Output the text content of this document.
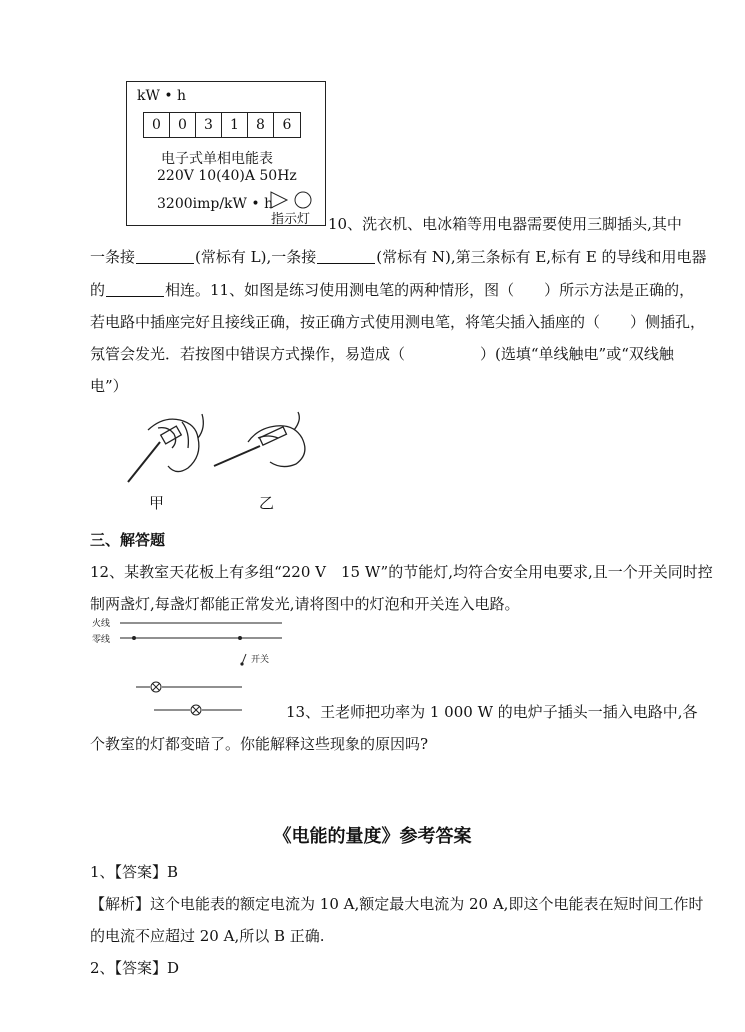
kW • h
0	0	3	1	8	6
电子式单相电能表
220V 10(40)A 50Hz
3200imp/kW • h
指示灯 10、洗衣机、电冰箱等用电器需要使用三脚插头,其中
一条接	(常标有 L),一条接	(常标有 N),第三条标有 E,标有 E 的导线和用电器
的	相连。11、如图是练习使用测电笔的两种情形，图（　　）所示方法是正确的，
若电路中插座完好且接线正确，按正确方式使用测电笔，将笔尖插入插座的（　　）侧插孔，
氖管会发光．若按图中错误方式操作，易造成（　　　　　）(选填“单线触电”或“双线触
电”）
甲	乙
三、解答题
12、某教室天花板上有多组“220 V　15 W”的节能灯,均符合安全用电要求,且一个开关同时控
制两盏灯,每盏灯都能正常发光,请将图中的灯泡和开关连入电路。
火线
零线
开关
13、王老师把功率为 1 000 W 的电炉子插头一插入电路中,各
个教室的灯都变暗了。你能解释这些现象的原因吗?
《电能的量度》参考答案
1、【答案】B
【解析】这个电能表的额定电流为 10 A,额定最大电流为 20 A,即这个电能表在短时间工作时
的电流不应超过 20 A,所以 B 正确.
2、【答案】D
